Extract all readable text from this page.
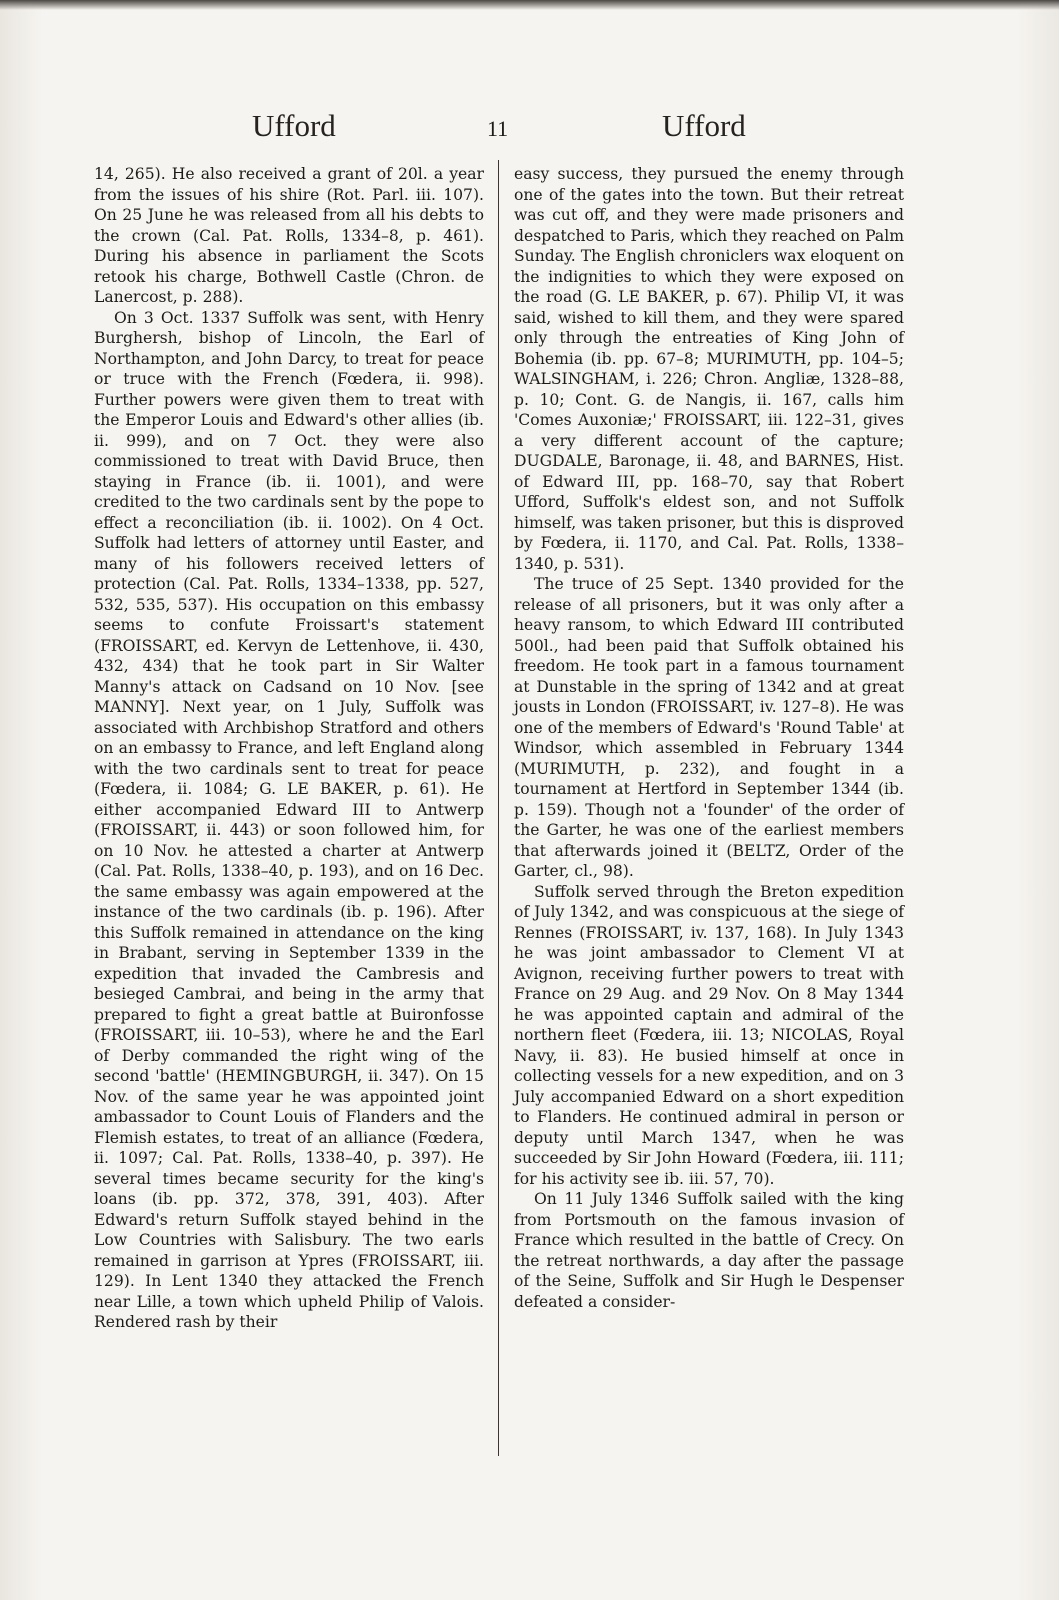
Ufford	11	Ufford

14, 265). He also received a grant of 20l. a year from the issues of his shire (Rot. Parl. iii. 107). On 25 June he was released from all his debts to the crown (Cal. Pat. Rolls, 1334–8, p. 461). During his absence in parliament the Scots retook his charge, Bothwell Castle (Chron. de Lanercost, p. 288).

On 3 Oct. 1337 Suffolk was sent, with Henry Burghersh, bishop of Lincoln, the Earl of Northampton, and John Darcy, to treat for peace or truce with the French (Fœdera, ii. 998). Further powers were given them to treat with the Emperor Louis and Edward's other allies (ib. ii. 999), and on 7 Oct. they were also commissioned to treat with David Bruce, then staying in France (ib. ii. 1001), and were credited to the two cardinals sent by the pope to effect a reconciliation (ib. ii. 1002). On 4 Oct. Suffolk had letters of attorney until Easter, and many of his followers received letters of protection (Cal. Pat. Rolls, 1334–1338, pp. 527, 532, 535, 537). His occupation on this embassy seems to confute Froissart's statement (FROISSART, ed. Kervyn de Lettenhove, ii. 430, 432, 434) that he took part in Sir Walter Manny's attack on Cadsand on 10 Nov. [see MANNY]. Next year, on 1 July, Suffolk was associated with Archbishop Stratford and others on an embassy to France, and left England along with the two cardinals sent to treat for peace (Fœdera, ii. 1084; G. LE BAKER, p. 61). He either accompanied Edward III to Antwerp (FROISSART, ii. 443) or soon followed him, for on 10 Nov. he attested a charter at Antwerp (Cal. Pat. Rolls, 1338–40, p. 193), and on 16 Dec. the same embassy was again empowered at the instance of the two cardinals (ib. p. 196). After this Suffolk remained in attendance on the king in Brabant, serving in September 1339 in the expedition that invaded the Cambresis and besieged Cambrai, and being in the army that prepared to fight a great battle at Buironfosse (FROISSART, iii. 10–53), where he and the Earl of Derby commanded the right wing of the second 'battle' (HEMINGBURGH, ii. 347). On 15 Nov. of the same year he was appointed joint ambassador to Count Louis of Flanders and the Flemish estates, to treat of an alliance (Fœdera, ii. 1097; Cal. Pat. Rolls, 1338–40, p. 397). He several times became security for the king's loans (ib. pp. 372, 378, 391, 403). After Edward's return Suffolk stayed behind in the Low Countries with Salisbury. The two earls remained in garrison at Ypres (FROISSART, iii. 129). In Lent 1340 they attacked the French near Lille, a town which upheld Philip of Valois. Rendered rash by their

easy success, they pursued the enemy through one of the gates into the town. But their retreat was cut off, and they were made prisoners and despatched to Paris, which they reached on Palm Sunday. The English chroniclers wax eloquent on the indignities to which they were exposed on the road (G. LE BAKER, p. 67). Philip VI, it was said, wished to kill them, and they were spared only through the entreaties of King John of Bohemia (ib. pp. 67–8; MURIMUTH, pp. 104–5; WALSINGHAM, i. 226; Chron. Angliæ, 1328–88, p. 10; Cont. G. de Nangis, ii. 167, calls him 'Comes Auxoniæ;' FROISSART, iii. 122–31, gives a very different account of the capture; DUGDALE, Baronage, ii. 48, and BARNES, Hist. of Edward III, pp. 168–70, say that Robert Ufford, Suffolk's eldest son, and not Suffolk himself, was taken prisoner, but this is disproved by Fœdera, ii. 1170, and Cal. Pat. Rolls, 1338–1340, p. 531).

The truce of 25 Sept. 1340 provided for the release of all prisoners, but it was only after a heavy ransom, to which Edward III contributed 500l., had been paid that Suffolk obtained his freedom. He took part in a famous tournament at Dunstable in the spring of 1342 and at great jousts in London (FROISSART, iv. 127–8). He was one of the members of Edward's 'Round Table' at Windsor, which assembled in February 1344 (MURIMUTH, p. 232), and fought in a tournament at Hertford in September 1344 (ib. p. 159). Though not a 'founder' of the order of the Garter, he was one of the earliest members that afterwards joined it (BELTZ, Order of the Garter, cl., 98).

Suffolk served through the Breton expedition of July 1342, and was conspicuous at the siege of Rennes (FROISSART, iv. 137, 168). In July 1343 he was joint ambassador to Clement VI at Avignon, receiving further powers to treat with France on 29 Aug. and 29 Nov. On 8 May 1344 he was appointed captain and admiral of the northern fleet (Fœdera, iii. 13; NICOLAS, Royal Navy, ii. 83). He busied himself at once in collecting vessels for a new expedition, and on 3 July accompanied Edward on a short expedition to Flanders. He continued admiral in person or deputy until March 1347, when he was succeeded by Sir John Howard (Fœdera, iii. 111; for his activity see ib. iii. 57, 70).

On 11 July 1346 Suffolk sailed with the king from Portsmouth on the famous invasion of France which resulted in the battle of Crecy. On the retreat northwards, a day after the passage of the Seine, Suffolk and Sir Hugh le Despenser defeated a consider-
